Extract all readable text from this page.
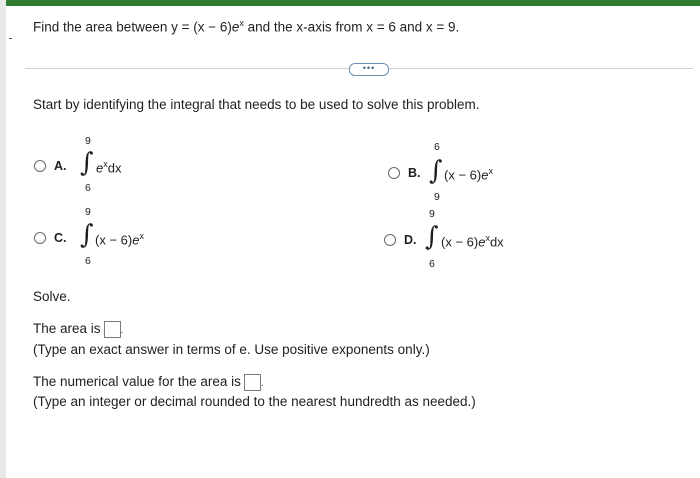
Find the area between $y = (x - 6)e^x$ and the x-axis from x = 6 and x = 9.
•••
Start by identifying the integral that needs to be used to solve this problem.
A.
9
∫
6
$e^xdx$	B.
6
∫
9
$(x - 6)e^x$
C.
9
∫
6
$(x - 6)e^x$	D.
9
∫
6
$(x - 6)e^xdx$
Solve.
The area is .
(Type an exact answer in terms of e. Use positive exponents only.)
The numerical value for the area is .
(Type an integer or decimal rounded to the nearest hundredth as needed.)
